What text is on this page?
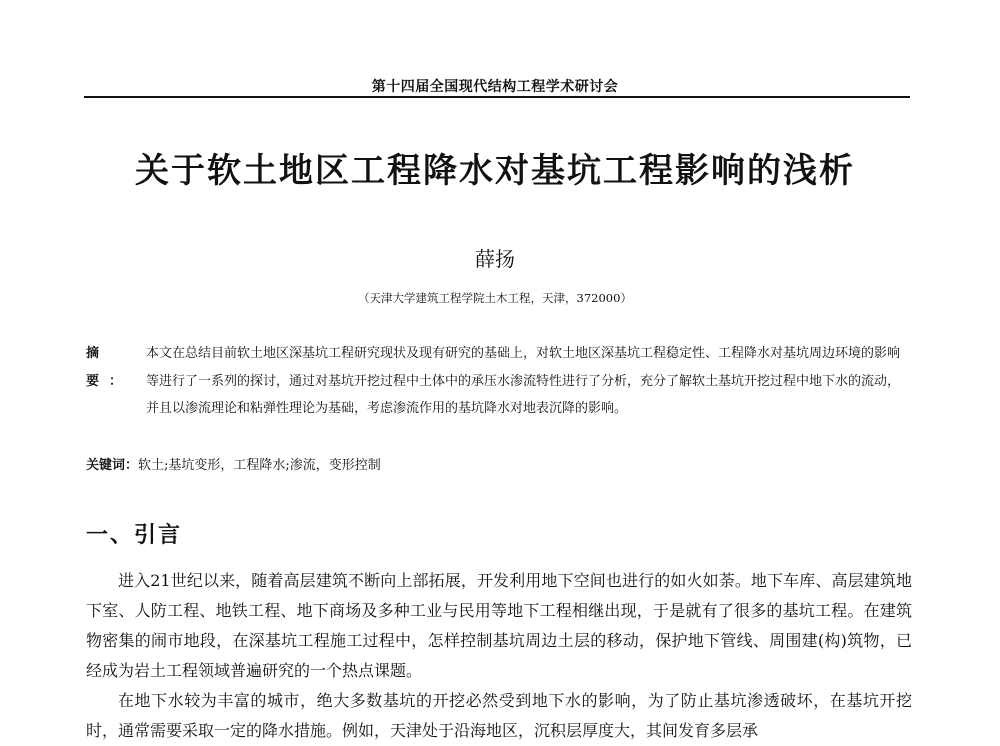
第十四届全国现代结构工程学术研讨会
关于软土地区工程降水对基坑工程影响的浅析
薛扬
（天津大学建筑工程学院土木工程，天津，372000）
摘 要：
本文在总结目前软土地区深基坑工程研究现状及现有研究的基础上，对软土地区深基坑工程稳定性、工程降水对基坑周边环境的影响等进行了一系列的探讨，通过对基坑开挖过程中土体中的承压水渗流特性进行了分析，充分了解软土基坑开挖过程中地下水的流动，并且以渗流理论和粘弹性理论为基础，考虑渗流作用的基坑降水对地表沉降的影响。
关键词：软土;基坑变形，工程降水;渗流，变形控制
一、引言
进入21世纪以来，随着高层建筑不断向上部拓展，开发利用地下空间也进行的如火如荼。地下车库、高层建筑地下室、人防工程、地铁工程、地下商场及多种工业与民用等地下工程相继出现，于是就有了很多的基坑工程。在建筑物密集的闹市地段，在深基坑工程施工过程中，怎样控制基坑周边土层的移动，保护地下管线、周围建(构)筑物，已经成为岩土工程领域普遍研究的一个热点课题。
在地下水较为丰富的城市，绝大多数基坑的开挖必然受到地下水的影响，为了防止基坑渗透破坏，在基坑开挖时，通常需要采取一定的降水措施。例如，天津处于沿海地区，沉积层厚度大，其间发育多层承
